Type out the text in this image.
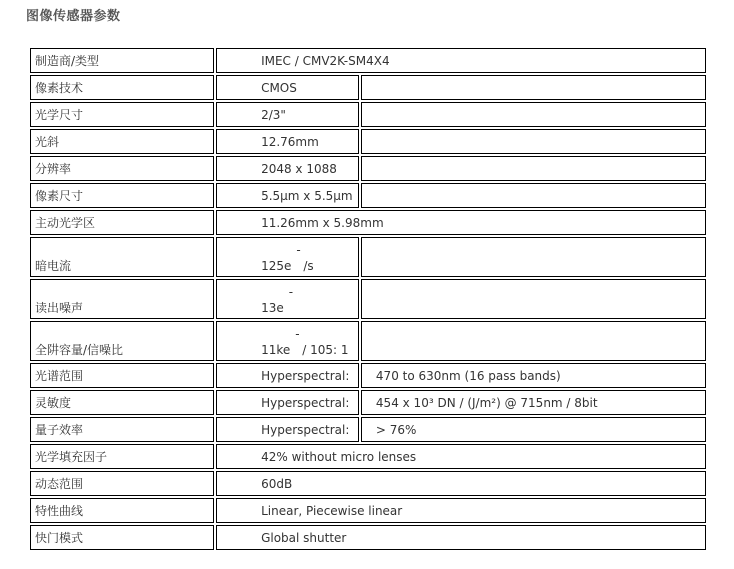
图像传感器参数
制造商/类型	IMEC / CMV2K-SM4X4	
像素技术	CMOS	
光学尺寸	2/3"	
光斜	12.76mm	
分辨率	2048 x 1088	
像素尺寸	5.5μm x 5.5μm	
主动光学区	11.26mm x 5.98mm	
暗电流	125e-/s	
读出噪声	13e-	
全阱容量/信噪比	11ke-/ 105: 1	
光谱范围	Hyperspectral:	470 to 630nm (16 pass bands)
灵敏度	Hyperspectral:	454 x 10³ DN / (J/m²) @ 715nm / 8bit
量子效率	Hyperspectral:	> 76%
光学填充因子	42% without micro lenses	
动态范围	60dB	
特性曲线	Linear, Piecewise linear	
快门模式	Global shutter	
